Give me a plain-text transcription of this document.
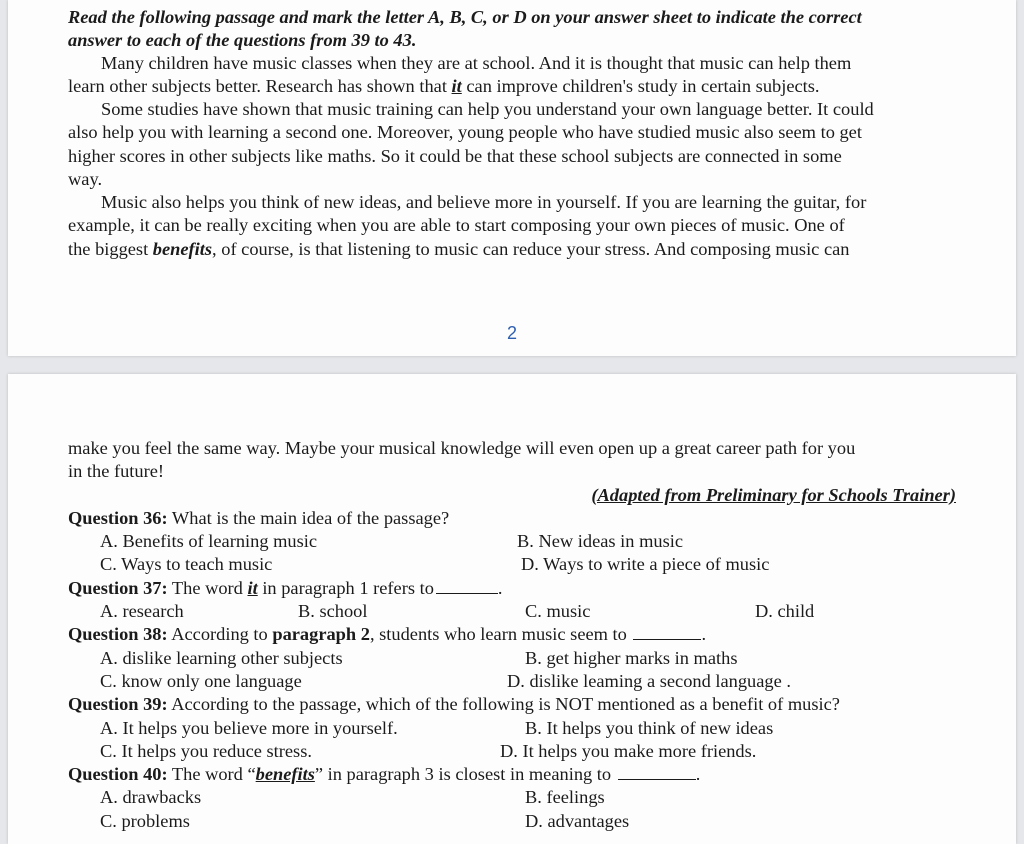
Read the following passage and mark the letter A, B, C, or D on your answer sheet to indicate the correct

answer to each of the questions from 39 to 43.

Many children have music classes when they are at school. And it is thought that music can help them

learn other subjects better. Research has shown that it can improve children's study in certain subjects.

Some studies have shown that music training can help you understand your own language better. It could

also help you with learning a second one. Moreover, young people who have studied music also seem to get

higher scores in other subjects like maths. So it could be that these school subjects are connected in some

way.

Music also helps you think of new ideas, and believe more in yourself. If you are learning the guitar, for

example, it can be really exciting when you are able to start composing your own pieces of music. One of

the biggest benefits, of course, is that listening to music can reduce your stress. And composing music can

2

make you feel the same way. Maybe your musical knowledge will even open up a great career path for you

in the future!

(Adapted from Preliminary for Schools Trainer)

Question 36: What is the main idea of the passage?

A. Benefits of learning music	B. New ideas in music

C. Ways to teach music	D. Ways to write a piece of music

Question 37: The word it in paragraph 1 refers to	.

A. research	B. school	C. music	D. child

Question 38: According to paragraph 2, students who learn music seem to	.

A. dislike learning other subjects	B. get higher marks in maths

C. know only one language	D. dislike leaming a second language .

Question 39: According to the passage, which of the following is NOT mentioned as a benefit of music?

A. It helps you believe more in yourself.	B. It helps you think of new ideas

C. It helps you reduce stress.	D. It helps you make more friends.

Question 40: The word “benefits” in paragraph 3 is closest in meaning to	.

A. drawbacks	B. feelings

C. problems	D. advantages
